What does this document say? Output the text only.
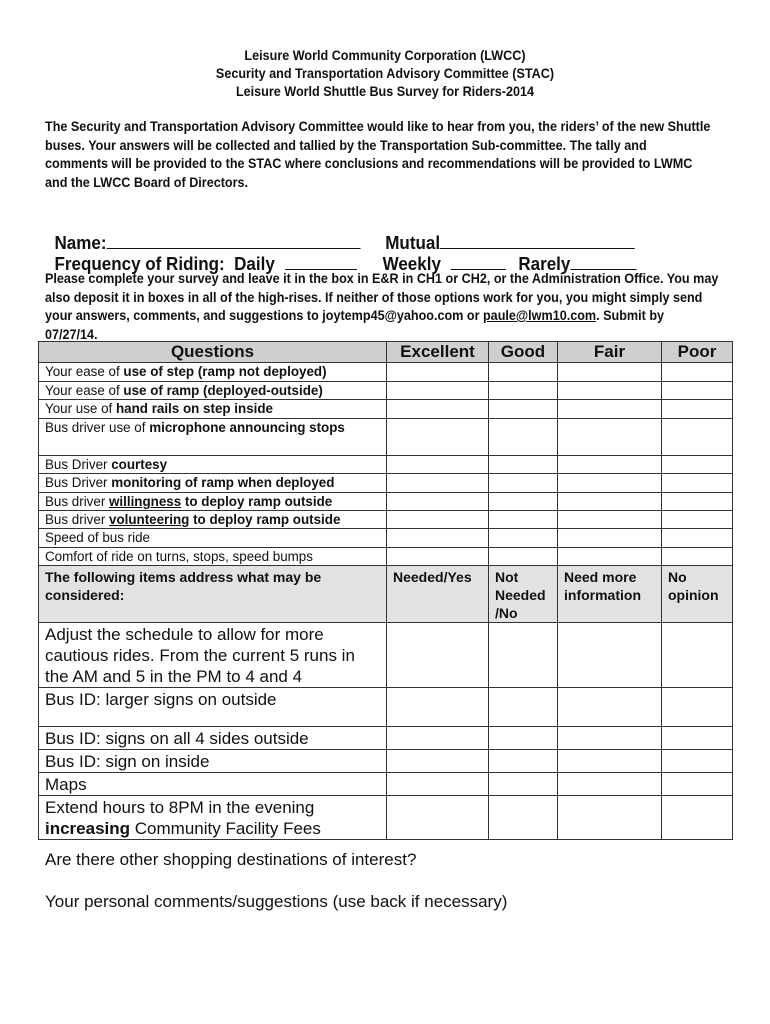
Leisure World Community Corporation (LWCC)
Security and Transportation Advisory Committee (STAC)
Leisure World Shuttle Bus Survey for Riders-2014
The Security and Transportation Advisory Committee would like to hear from you, the riders’ of the new Shuttle buses. Your answers will be collected and tallied by the Transportation Sub-committee. The tally and comments will be provided to the STAC where conclusions and recommendations will be provided to LWMC and the LWCC Board of Directors.

Name:	Mutual

Frequency of Riding:  Daily	Weekly	Rarely

Please complete your survey and leave it in the box in E&R in CH1 or CH2, or the Administration Office. You may also deposit it in boxes in all of the high-rises. If neither of those options work for you, you might simply send your answers, comments, and suggestions to joytemp45@yahoo.com or paule@lwm10.com. Submit by 07/27/14.
Questions	Excellent	Good	Fair	Poor
Your ease of use of step (ramp not deployed)				
Your ease of use of ramp (deployed-outside)				
Your use of hand rails on step inside				
Bus driver use of microphone announcing stops				
Bus Driver courtesy				
Bus Driver monitoring of ramp when deployed				
Bus driver willingness to deploy ramp outside				
Bus driver volunteering to deploy ramp outside				
Speed of bus ride				
Comfort of ride on turns, stops, speed bumps				
The following items address what may be considered:	Needed/Yes	Not Needed /No	Need more information	No opinion
Adjust the schedule to allow for more cautious rides. From the current 5 runs in the AM and 5 in the PM to 4 and 4				
Bus ID: larger signs on outside				
Bus ID: signs on all 4 sides outside				
Bus ID: sign on inside				
Maps				
Extend hours to 8PM in the evening increasing Community Facility Fees				
Are there other shopping destinations of interest?
Your personal comments/suggestions (use back if necessary)
